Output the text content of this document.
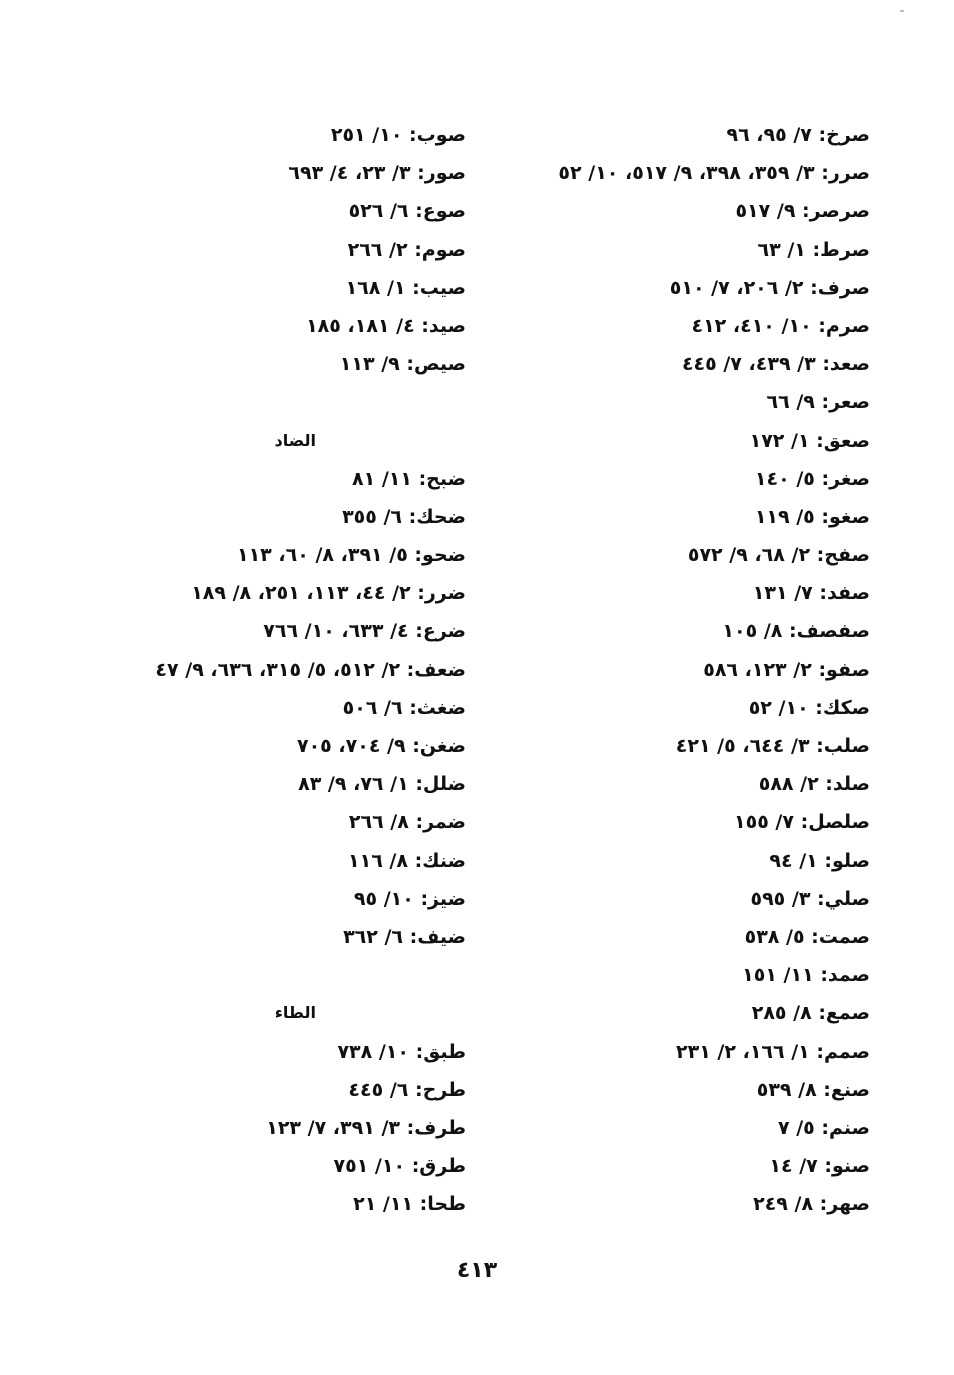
صرخ: ٧/ ٩٥، ٩٦
صرر: ٣/ ٣٥٩، ٣٩٨، ٩/ ٥١٧، ١٠/ ٥٢
صرصر: ٩/ ٥١٧
صرط: ١/ ٦٣
صرف: ٢/ ٢٠٦، ٧/ ٥١٠
صرم: ١٠/ ٤١٠، ٤١٢
صعد: ٣/ ٤٣٩، ٧/ ٤٤٥
صعر: ٩/ ٦٦
صعق: ١/ ١٧٢
صغر: ٥/ ١٤٠
صغو: ٥/ ١١٩
صفح: ٢/ ٦٨، ٩/ ٥٧٢
صفد: ٧/ ١٣١
صفصف: ٨/ ١٠٥
صفو: ٢/ ١٢٣، ٥٨٦
صكك: ١٠/ ٥٢
صلب: ٣/ ٦٤٤، ٥/ ٤٢١
صلد: ٢/ ٥٨٨
صلصل: ٧/ ١٥٥
صلو: ١/ ٩٤
صلي: ٣/ ٥٩٥
صمت: ٥/ ٥٣٨
صمد: ١١/ ١٥١
صمع: ٨/ ٢٨٥
صمم: ١/ ١٦٦، ٢/ ٢٣١
صنع: ٨/ ٥٣٩
صنم: ٥/ ٧
صنو: ٧/ ١٤
صهر: ٨/ ٢٤٩
صوب: ١٠/ ٢٥١
صور: ٣/ ٢٣، ٤/ ٦٩٣
صوع: ٦/ ٥٢٦
صوم: ٢/ ٢٦٦
صيب: ١/ ١٦٨
صيد: ٤/ ١٨١، ١٨٥
صيص: ٩/ ١١٣
الضاد
ضبح: ١١/ ٨١
ضحك: ٦/ ٣٥٥
ضحو: ٥/ ٣٩١، ٨/ ٦٠، ١١٣
ضرر: ٢/ ٤٤، ١١٣، ٢٥١، ٨/ ١٨٩
ضرع: ٤/ ٦٣٣، ١٠/ ٧٦٦
ضعف: ٢/ ٥١٢، ٥/ ٣١٥، ٦٣٦، ٩/ ٤٧
ضغث: ٦/ ٥٠٦
ضغن: ٩/ ٧٠٤، ٧٠٥
ضلل: ١/ ٧٦، ٩/ ٨٣
ضمر: ٨/ ٢٦٦
ضنك: ٨/ ١١٦
ضيز: ١٠/ ٩٥
ضيف: ٦/ ٣٦٢
الطاء
طبق: ١٠/ ٧٣٨
طرح: ٦/ ٤٤٥
طرف: ٣/ ٣٩١، ٧/ ١٢٣
طرق: ١٠/ ٧٥١
طحا: ١١/ ٢١
٤١٣
